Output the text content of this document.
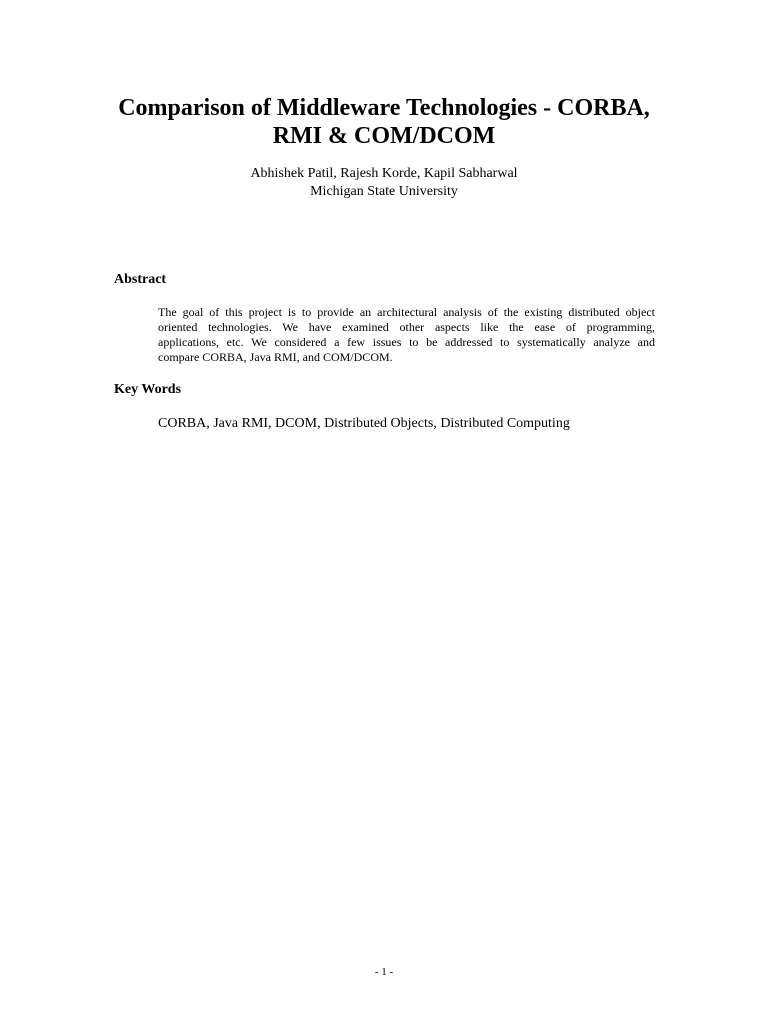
Comparison of Middleware Technologies - CORBA,
RMI & COM/DCOM
Abhishek Patil, Rajesh Korde, Kapil Sabharwal
Michigan State University
Abstract
The goal of this project is to provide an architectural analysis of the existing distributed object
oriented technologies. We have examined other aspects like the ease of programming,
applications, etc. We considered a few issues to be addressed to systematically analyze and
compare CORBA, Java RMI, and COM/DCOM.
Key Words
CORBA, Java RMI, DCOM, Distributed Objects, Distributed Computing
- 1 -
